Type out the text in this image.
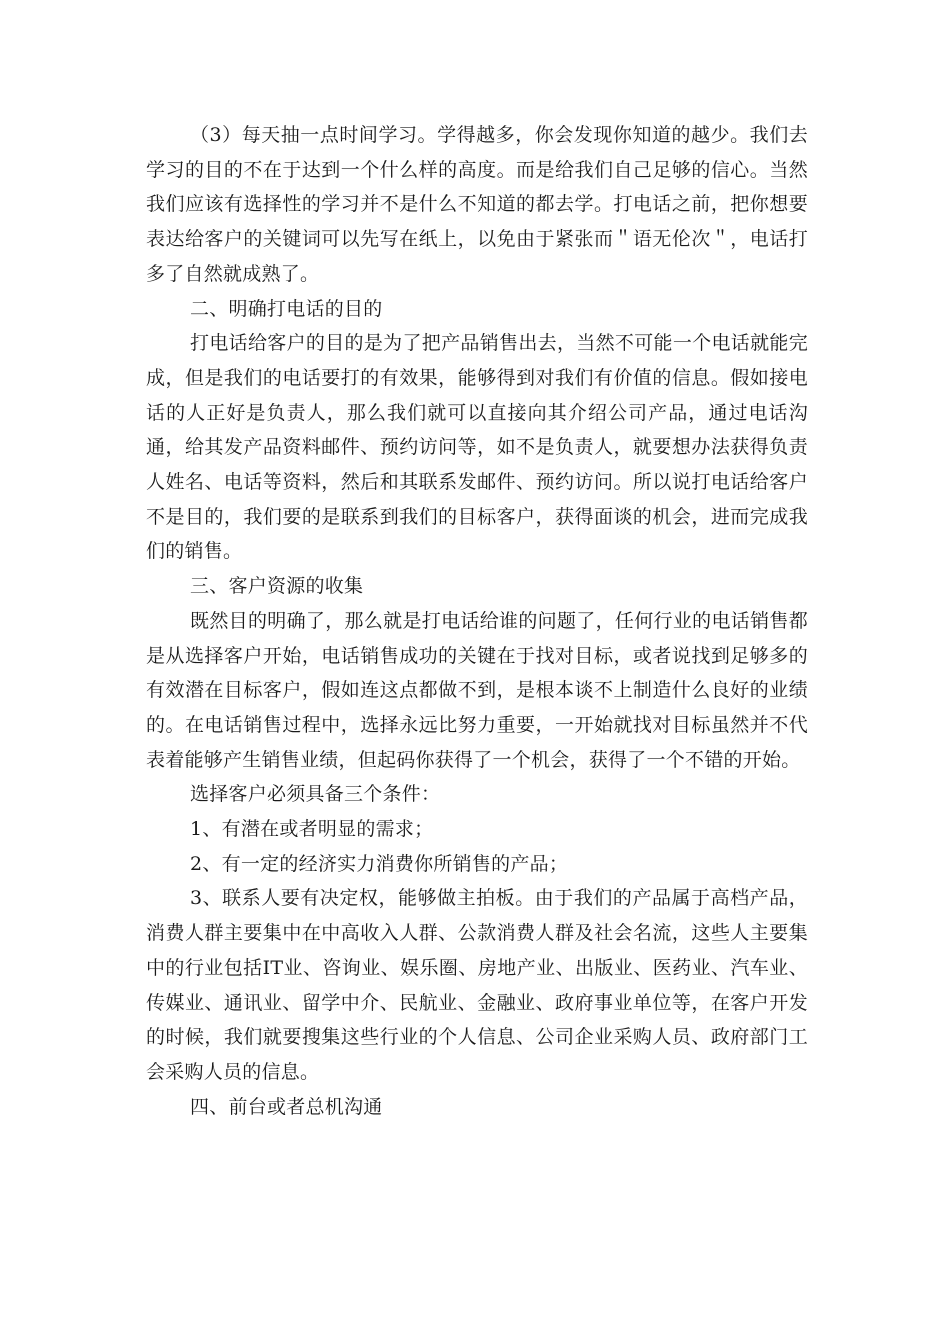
（3）每天抽一点时间学习。学得越多，你会发现你知道的越少。我们去学习的目的不在于达到一个什么样的高度。而是给我们自己足够的信心。当然我们应该有选择性的学习并不是什么不知道的都去学。打电话之前，把你想要表达给客户的关键词可以先写在纸上，以免由于紧张而＂语无伦次＂，电话打多了自然就成熟了。

二、明确打电话的目的

打电话给客户的目的是为了把产品销售出去，当然不可能一个电话就能完成，但是我们的电话要打的有效果，能够得到对我们有价值的信息。假如接电话的人正好是负责人，那么我们就可以直接向其介绍公司产品，通过电话沟通，给其发产品资料邮件、预约访问等，如不是负责人，就要想办法获得负责人姓名、电话等资料，然后和其联系发邮件、预约访问。所以说打电话给客户不是目的，我们要的是联系到我们的目标客户，获得面谈的机会，进而完成我们的销售。

三、客户资源的收集

既然目的明确了，那么就是打电话给谁的问题了，任何行业的电话销售都是从选择客户开始，电话销售成功的关键在于找对目标，或者说找到足够多的有效潜在目标客户，假如连这点都做不到，是根本谈不上制造什么良好的业绩的。在电话销售过程中，选择永远比努力重要，一开始就找对目标虽然并不代表着能够产生销售业绩，但起码你获得了一个机会，获得了一个不错的开始。

选择客户必须具备三个条件：

1、有潜在或者明显的需求；

2、有一定的经济实力消费你所销售的产品；

3、联系人要有决定权，能够做主拍板。由于我们的产品属于高档产品，消费人群主要集中在中高收入人群、公款消费人群及社会名流，这些人主要集中的行业包括IT业、咨询业、娱乐圈、房地产业、出版业、医药业、汽车业、传媒业、通讯业、留学中介、民航业、金融业、政府事业单位等，在客户开发的时候，我们就要搜集这些行业的个人信息、公司企业采购人员、政府部门工会采购人员的信息。

四、前台或者总机沟通
